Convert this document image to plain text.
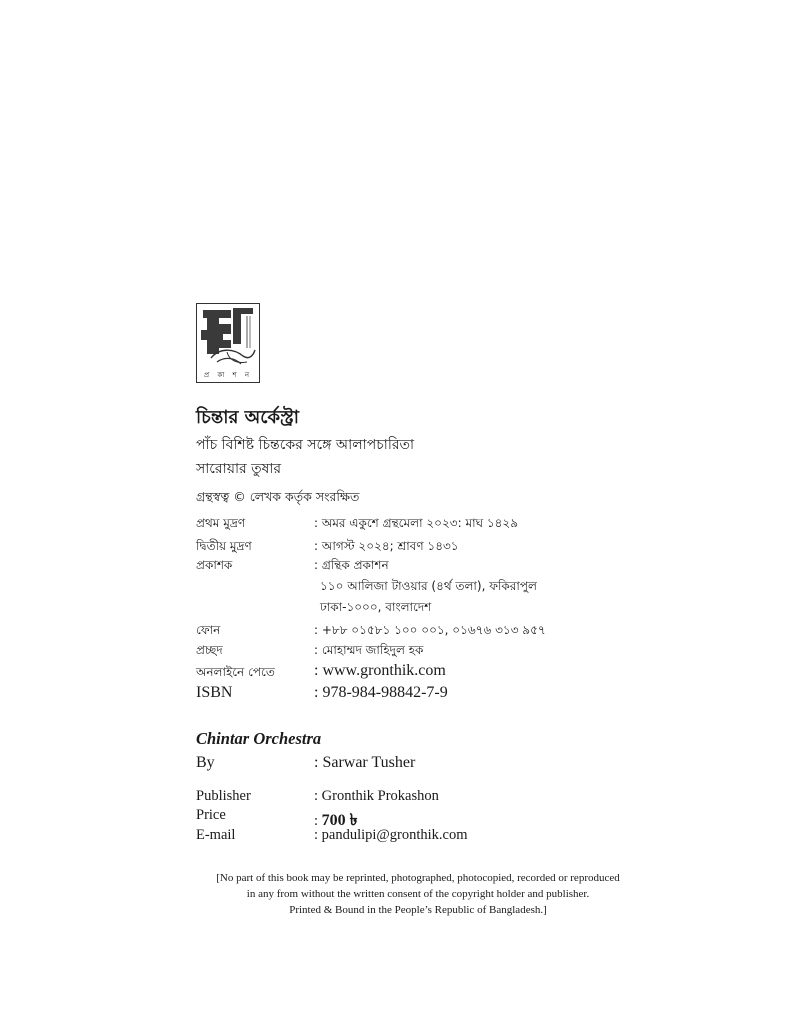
প্র কা শ ন
চিন্তার অর্কেস্ট্রা
পাঁচ বিশিষ্ট চিন্তকের সঙ্গে আলাপচারিতা
সারোয়ার তুষার
গ্রন্থস্বত্ব © লেখক কর্তৃক সংরক্ষিত
প্রথম মুদ্রণ	: অমর একুশে গ্রন্থমেলা ২০২৩: মাঘ ১৪২৯
দ্বিতীয় মুদ্রণ	: আগস্ট ২০২৪; শ্রাবণ ১৪৩১
প্রকাশক	: গ্রন্থিক প্রকাশন
১১০ আলিজা টাওয়ার (৪র্থ তলা), ফকিরাপুল
ঢাকা-১০০০, বাংলাদেশ
ফোন	: +৮৮ ০১৫৮১ ১০০ ০০১, ০১৬৭৬ ৩১৩ ৯৫৭
প্রচ্ছদ	: মোহাম্মদ জাহিদুল হক
অনলাইনে পেতে : www.gronthik.com
ISBN	: 978-984-98842-7-9
Chintar Orchestra
By	: Sarwar Tusher
Publisher	: Gronthik Prokashon
Price	: 700 ৳
E-mail	: pandulipi@gronthik.com
[No part of this book may be reprinted, photographed, photocopied, recorded or reproduced
in any from without the written consent of the copyright holder and publisher.
Printed & Bound in the People’s Republic of Bangladesh.]
